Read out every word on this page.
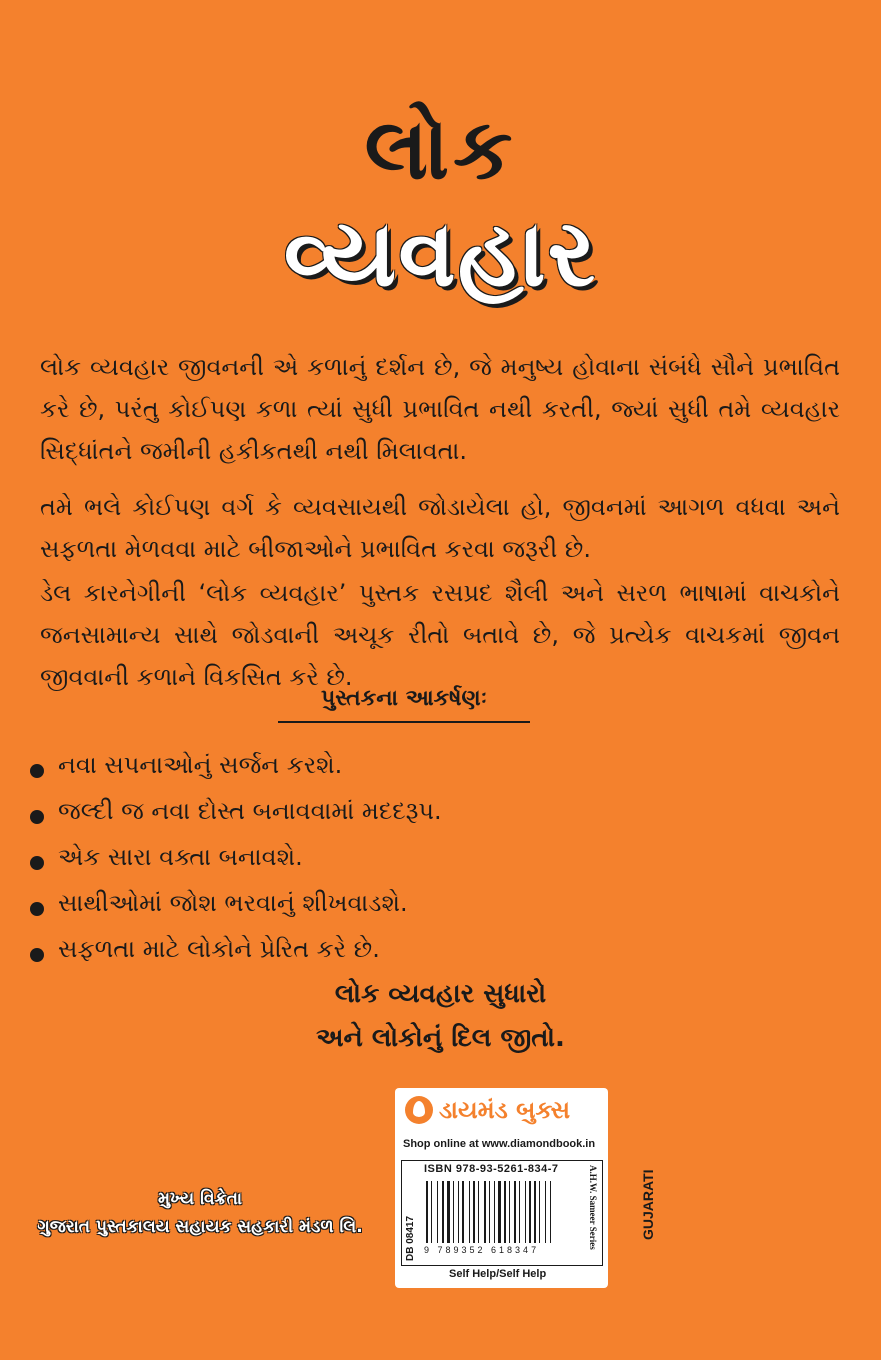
લોક
વ્યવહાર

લોક વ્યવહાર જીવનની એ કળાનું દર્શન છે, જે મનુષ્ય હોવાના સંબંધે સૌને પ્રભાવિત કરે છે, પરંતુ કોઈપણ કળા ત્યાં સુધી પ્રભાવિત નથી કરતી, જ્યાં સુધી તમે વ્યવહાર સિદ્ધાંતને જમીની હકીકતથી નથી મિલાવતા.

તમે ભલે કોઈપણ વર્ગ કે વ્યવસાયથી જોડાયેલા હો, જીવનમાં આગળ વધવા અને સફળતા મેળવવા માટે બીજાઓને પ્રભાવિત કરવા જરૂરી છે.

ડેલ કારનેગીની ‘લોક વ્યવહાર’ પુસ્તક રસપ્રદ શૈલી અને સરળ ભાષામાં વાચકોને જનસામાન્ય સાથે જોડવાની અચૂક રીતો બતાવે છે, જે પ્રત્યેક વાચકમાં જીવન જીવવાની કળાને વિકસિત કરે છે.

પુસ્તકના આકર્ષણઃ
નવા સપનાઓનું સર્જન કરશે.
જલ્દી જ નવા દોસ્ત બનાવવામાં મદદરૂપ.
એક સારા વક્તા બનાવશે.
સાથીઓમાં જોશ ભરવાનું શીખવાડશે.
સફળતા માટે લોકોને પ્રેરિત કરે છે.
લોક વ્યવહાર સુધારો
અને લોકોનું દિલ જીતો.
મુખ્ય વિક્રેતા
ગુજરાત પુસ્તકાલય સહાયક સહકારી મંડળ લિ.
ડાયમંડ બુક્સ
Shop online at www.diamondbook.in
ISBN 978-93-5261-834-7
9 789352 618347
DB 08417	A.H.W. Sameer Series
Self Help/Self Help
GUJARATI
